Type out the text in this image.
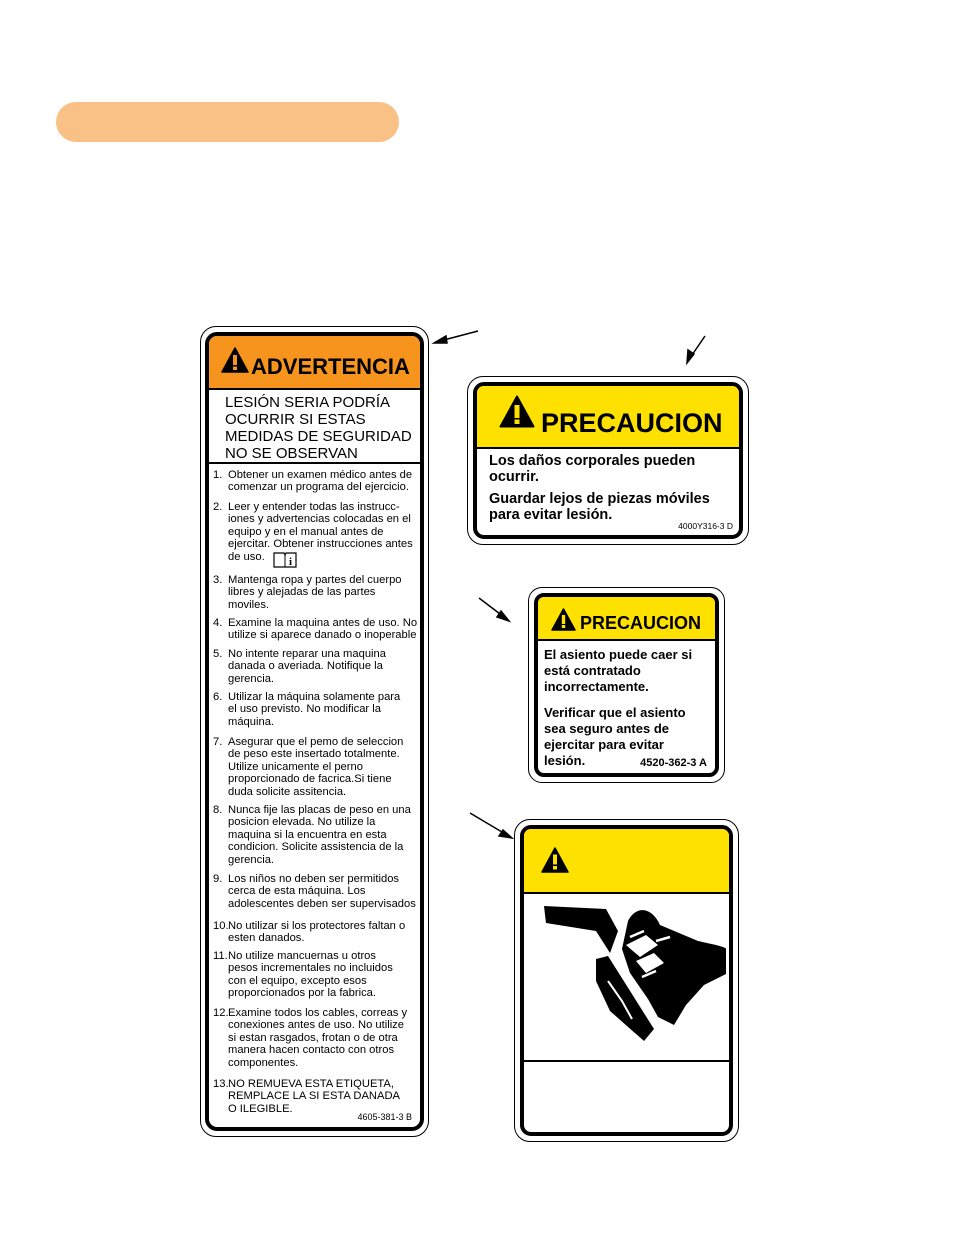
ADVERTENCIA
LESIÓN SERIA PODRÍA OCURRIR SI ESTAS MEDIDAS DE SEGURIDAD NO SE OBSERVAN
1. Obtener un examen médico antes de
comenzar un programa del ejercicio.
2. Leer y entender todas las instrucc-
iones y advertencias colocadas en el
equipo y en el manual antes de
ejercitar. Obtener instrucciones antes
de uso.	i
3. Mantenga ropa y partes del cuerpo
libres y alejadas de las partes
moviles.
4. Examine la maquina antes de uso. No
utilize si aparece danado o inoperable
5. No intente reparar una maquina
danada o averiada. Notifique la
gerencia.
6. Utilizar la máquina solamente para
el uso previsto. No modificar la
máquina.
7. Asegurar que el pemo de seleccion
de peso este insertado totalmente.
Utilize unicamente el perno
proporcionado de facrica.Si tiene
duda solicite assitencia.
8. Nunca fije las placas de peso en una
posicion elevada. No utilize la
maquina si la encuentra en esta
condicion. Solicite assistencia de la
gerencia.
9. Los niños no deben ser permitidos
cerca de esta máquina. Los
adolescentes deben ser supervisados
10. No utilizar si los protectores faltan o
esten danados.
11. No utilize mancuernas u otros
pesos incrementales no incluidos
con el equipo, excepto esos
proporcionados por la fabrica.
12. Examine todos los cables, correas y
conexiones antes de uso. No utilize
si estan rasgados, frotan o de otra
manera hacen contacto con otros
componentes.
13. NO REMUEVA ESTA ETIQUETA,
REMPLACE LA SI ESTA DANADA
O ILEGIBLE.
4605-381-3 B
PRECAUCION
Los daños corporales pueden
ocurrir.
Guardar lejos de piezas móviles
para evitar lesión.
4000Y316-3 D
PRECAUCION
El asiento puede caer si
está contratado
incorrectamente.
Verificar que el asiento
sea seguro antes de
ejercitar para evitar
lesión.	4520-362-3 A
